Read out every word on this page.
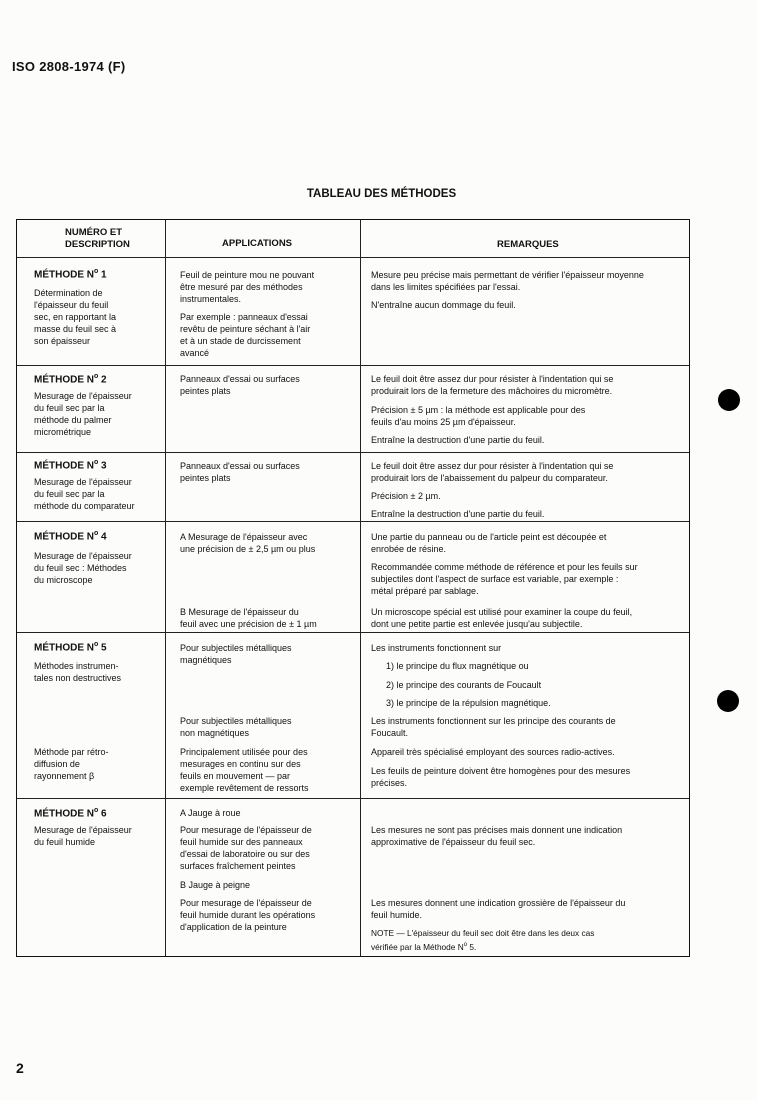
ISO 2808-1974 (F)
TABLEAU DES MÉTHODES
NUMÉRO ET
DESCRIPTION	APPLICATIONS	REMARQUES
MÉTHODE $N^o$ 1
Détermination de
l'épaisseur du feuil
sec, en rapportant la
masse du feuil sec à
son épaisseur
Feuil de peinture mou ne pouvant
être mesuré par des méthodes
instrumentales.
Par exemple : panneaux d'essai
revêtu de peinture séchant à l'air
et à un stade de durcissement
avancé
Mesure peu précise mais permettant de vérifier l'épaisseur moyenne
dans les limites spécifiées par l'essai.
N'entraîne aucun dommage du feuil.
MÉTHODE $N^o$ 2
Mesurage de l'épaisseur
du feuil sec par la
méthode du palmer
micrométrique
Panneaux d'essai ou surfaces
peintes plats
Le feuil doit être assez dur pour résister à l'indentation qui se
produirait lors de la fermeture des mâchoires du micromètre.
Précision ± 5 µm : la méthode est applicable pour des
feuils d'au moins 25 µm d'épaisseur.
Entraîne la destruction d'une partie du feuil.
MÉTHODE $N^o$ 3
Mesurage de l'épaisseur
du feuil sec par la
méthode du comparateur
Panneaux d'essai ou surfaces
peintes plats
Le feuil doit être assez dur pour résister à l'indentation qui se
produirait lors de l'abaissement du palpeur du comparateur.
Précision ± 2 µm.
Entraîne la destruction d'une partie du feuil.
MÉTHODE $N^o$ 4
Mesurage de l'épaisseur
du feuil sec : Méthodes
du microscope
A Mesurage de l'épaisseur avec
une précision de ± 2,5 µm ou plus
B Mesurage de l'épaisseur du
feuil avec une précision de ± 1 µm
Une partie du panneau ou de l'article peint est découpée et
enrobée de résine.
Recommandée comme méthode de référence et pour les feuils sur
subjectiles dont l'aspect de surface est variable, par exemple :
métal préparé par sablage.
Un microscope spécial est utilisé pour examiner la coupe du feuil,
dont une petite partie est enlevée jusqu'au subjectile.
MÉTHODE $N^o$ 5
Méthodes instrumen-
tales non destructives
Méthode par rétro-
diffusion de
rayonnement β
Pour subjectiles métalliques
magnétiques
Pour subjectiles métalliques
non magnétiques
Principalement utilisée pour des
mesurages en continu sur des
feuils en mouvement — par
exemple revêtement de ressorts
Les instruments fonctionnent sur
1) le principe du flux magnétique ou
2) le principe des courants de Foucault
3) le principe de la répulsion magnétique.
Les instruments fonctionnent sur les principe des courants de
Foucault.
Appareil très spécialisé employant des sources radio-actives.
Les feuils de peinture doivent être homogènes pour des mesures
précises.
MÉTHODE $N^o$ 6
Mesurage de l'épaisseur
du feuil humide
A Jauge à roue
Pour mesurage de l'épaisseur de
feuil humide sur des panneaux
d'essai de laboratoire ou sur des
surfaces fraîchement peintes
B Jauge à peigne
Pour mesurage de l'épaisseur de
feuil humide durant les opérations
d'application de la peinture
Les mesures ne sont pas précises mais donnent une indication
approximative de l'épaisseur du feuil sec.
Les mesures donnent une indication grossière de l'épaisseur du
feuil humide.
NOTE — L'épaisseur du feuil sec doit être dans les deux cas
vérifiée par la Méthode $N^o$ 5.
2
